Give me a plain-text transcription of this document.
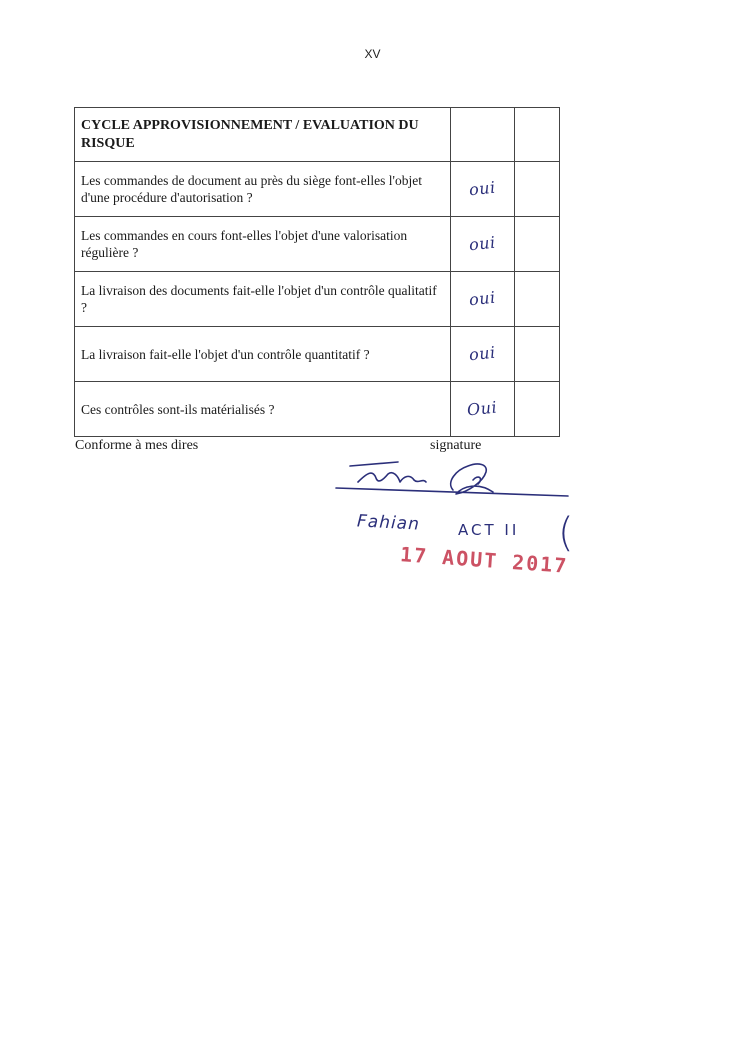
XV
CYCLE APPROVISIONNEMENT / EVALUATION DU RISQUE		

Les commandes de document au près du siège font-elles l'objet d'une procédure d'autorisation ?	oui	
Les commandes en cours font-elles l'objet d'une valorisation régulière ?	oui	
La livraison des documents fait-elle l'objet d'un contrôle qualitatif ?	oui	
La livraison fait-elle l'objet d'un contrôle quantitatif ?	oui	
Ces contrôles sont-ils matérialisés ?	Oui	
Conforme à mes dires	signature
Fahian	ACT II
17 AOUT 2017
(
